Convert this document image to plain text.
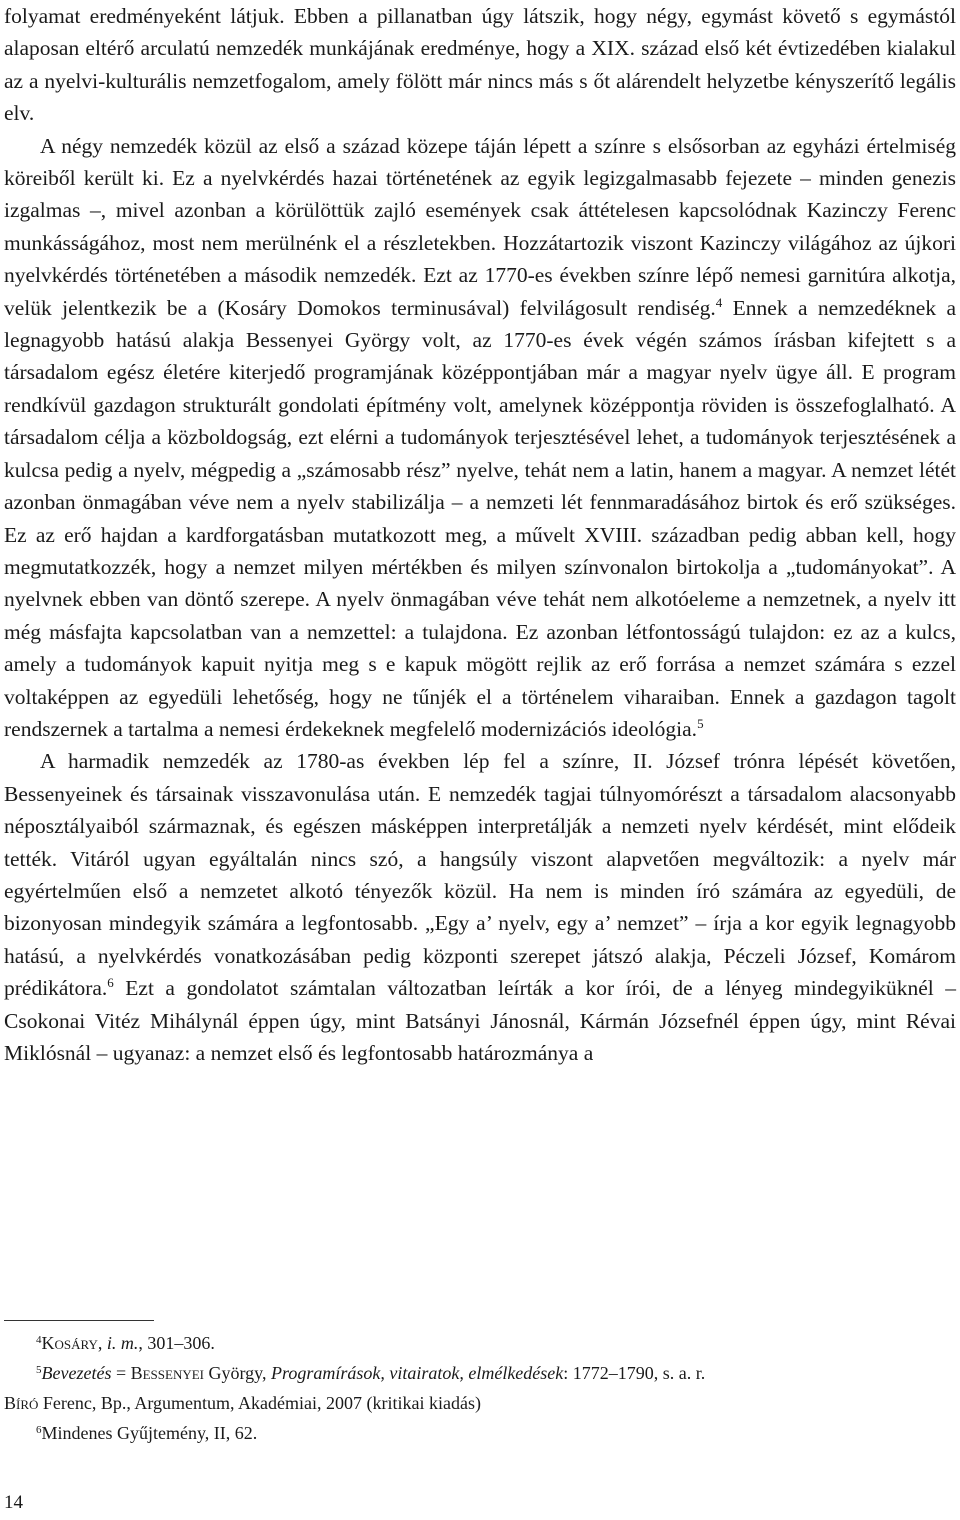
folyamat eredményeként látjuk. Ebben a pillanatban úgy látszik, hogy négy, egymást követő s egymástól alaposan eltérő arculatú nemzedék munkájának eredménye, hogy a XIX. század első két évtizedében kialakul az a nyelvi-kulturális nemzetfogalom, amely fölött már nincs más s őt alárendelt helyzetbe kényszerítő legális elv.

A négy nemzedék közül az első a század közepe táján lépett a színre s elsősorban az egyházi értelmiség köreiből került ki. Ez a nyelvkérdés hazai történetének az egyik legizgalmasabb fejezete – minden genezis izgalmas –, mivel azonban a körülöttük zajló események csak áttételesen kapcsolódnak Kazinczy Ferenc munkásságához, most nem merülnénk el a részletekben. Hozzátartozik viszont Kazinczy világához az újkori nyelvkérdés történetében a második nemzedék. Ezt az 1770-es években színre lépő nemesi garnitúra alkotja, velük jelentkezik be a (Kosáry Domokos terminusával) felvilágosult rendiség.$^4$ Ennek a nemzedéknek a legnagyobb hatású alakja Bessenyei György volt, az 1770-es évek végén számos írásban kifejtett s a társadalom egész életére kiterjedő programjának középpontjában már a magyar nyelv ügye áll. E program rendkívül gazdagon strukturált gondolati építmény volt, amelynek középpontja röviden is összefoglalható. A társadalom célja a közboldogság, ezt elérni a tudományok terjesztésével lehet, a tudományok terjesztésének a kulcsa pedig a nyelv, mégpedig a „számosabb rész” nyelve, tehát nem a latin, hanem a magyar. A nemzet létét azonban önmagában véve nem a nyelv stabilizálja – a nemzeti lét fennmaradásához birtok és erő szükséges. Ez az erő hajdan a kardforgatásban mutatkozott meg, a művelt XVIII. században pedig abban kell, hogy megmutatkozzék, hogy a nemzet milyen mértékben és milyen színvonalon birtokolja a „tudományokat”. A nyelvnek ebben van döntő szerepe. A nyelv önmagában véve tehát nem alkotóeleme a nemzetnek, a nyelv itt még másfajta kapcsolatban van a nemzettel: a tulajdona. Ez azonban létfontosságú tulajdon: ez az a kulcs, amely a tudományok kapuit nyitja meg s e kapuk mögött rejlik az erő forrása a nemzet számára s ezzel voltaképpen az egyedüli lehetőség, hogy ne tűnjék el a történelem viharaiban. Ennek a gazdagon tagolt rendszernek a tartalma a nemesi érdekeknek megfelelő modernizációs ideológia.$^5$

A harmadik nemzedék az 1780-as években lép fel a színre, II. József trónra lépését követően, Bessenyeinek és társainak visszavonulása után. E nemzedék tagjai túlnyomórészt a társadalom alacsonyabb néposztályaiból származnak, és egészen másképpen interpretálják a nemzeti nyelv kérdését, mint elődeik tették. Vitáról ugyan egyáltalán nincs szó, a hangsúly viszont alapvetően megváltozik: a nyelv már egyértelműen első a nemzetet alkotó tényezők közül. Ha nem is minden író számára az egyedüli, de bizonyosan mindegyik számára a legfontosabb. „Egy a’ nyelv, egy a’ nemzet” – írja a kor egyik legnagyobb hatású, a nyelvkérdés vonatkozásában pedig központi szerepet játszó alakja, Péczeli József, Komárom prédikátora.$^6$ Ezt a gondolatot számtalan változatban leírták a kor írói, de a lényeg mindegyiküknél – Csokonai Vitéz Mihálynál éppen úgy, mint Batsányi Jánosnál, Kármán Józsefnél éppen úgy, mint Révai Miklósnál – ugyanaz: a nemzet első és legfontosabb határozmánya a

$^4$Kosáry, i. m., 301–306.

$^5$Bevezetés = Bessenyei György, Programírások, vitairatok, elmélkedések: 1772–1790, s. a. r.

Bíró Ferenc, Bp., Argumentum, Akadémiai, 2007 (kritikai kiadás)

$^6$Mindenes Gyűjtemény, II, 62.

14
